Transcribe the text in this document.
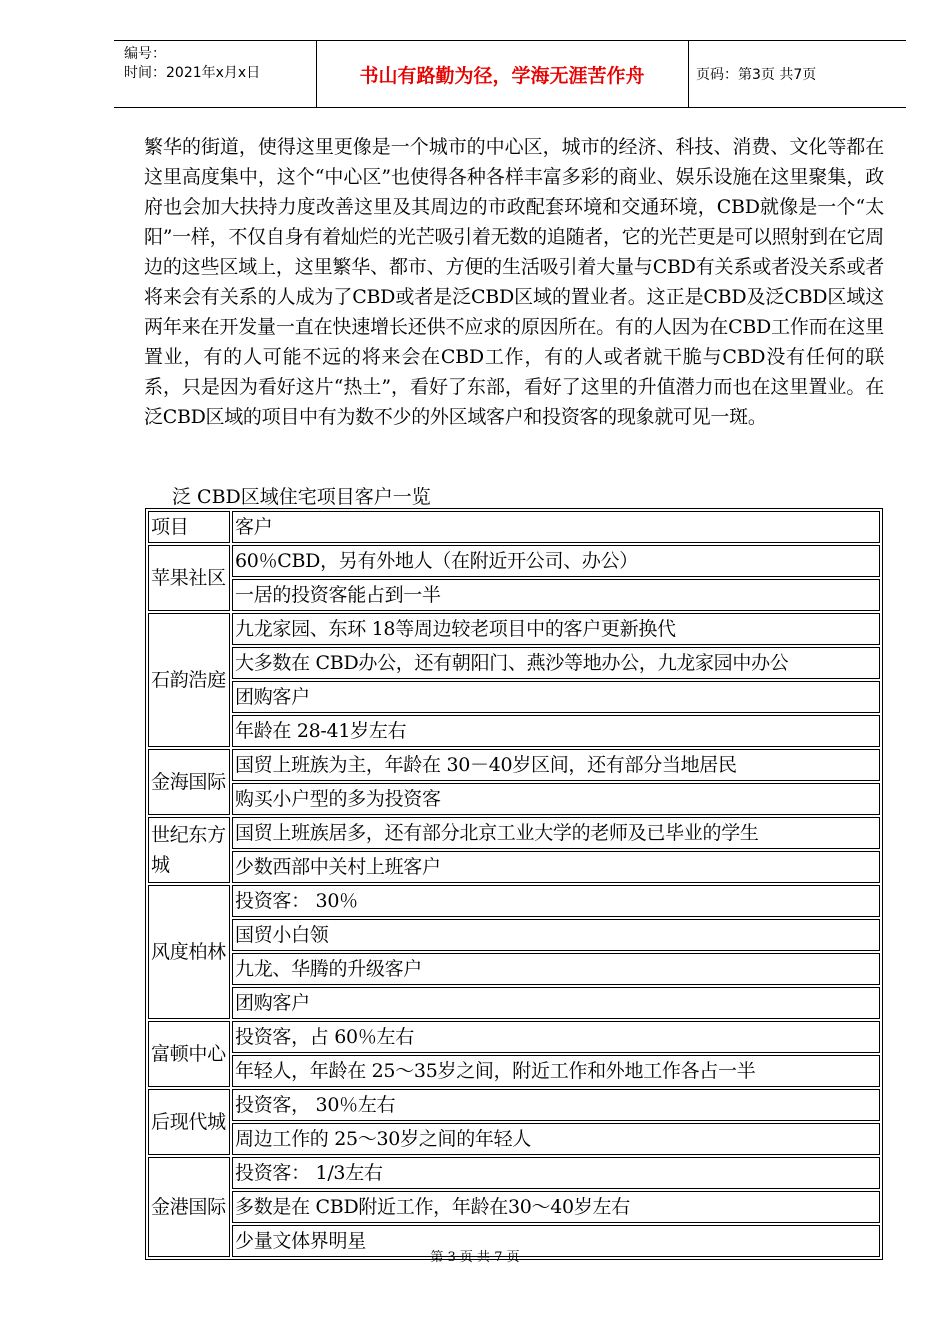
编号：
时间：2021年x月x日	书山有路勤为径，学海无涯苦作舟	页码：第3页 共7页

繁华的街道，使得这里更像是一个城市的中心区，城市的经济、科技、消费、文化等都在这里高度集中，这个“中心区”也使得各种各样丰富多彩的商业、娱乐设施在这里聚集，政府也会加大扶持力度改善这里及其周边的市政配套环境和交通环境，CBD就像是一个“太阳”一样，不仅自身有着灿烂的光芒吸引着无数的追随者，它的光芒更是可以照射到在它周边的这些区域上，这里繁华、都市、方便的生活吸引着大量与CBD有关系或者没关系或者将来会有关系的人成为了CBD或者是泛CBD区域的置业者。这正是CBD及泛CBD区域这两年来在开发量一直在快速增长还供不应求的原因所在。有的人因为在CBD工作而在这里置业，有的人可能不远的将来会在CBD工作，有的人或者就干脆与CBD没有任何的联系，只是因为看好这片“热土”，看好了东部，看好了这里的升值潜力而也在这里置业。在泛CBD区域的项目中有为数不少的外区域客户和投资客的现象就可见一斑。

泛 CBD区域住宅项目客户一览
项目	客户
苹果社区	60％CBD，另有外地人（在附近开公司、办公）
	一居的投资客能占到一半
石韵浩庭	九龙家园、东环 18等周边较老项目中的客户更新换代
	大多数在 CBD办公，还有朝阳门、燕沙等地办公，九龙家园中办公
	团购客户
	年龄在 28-41岁左右
金海国际	国贸上班族为主，年龄在 30－40岁区间，还有部分当地居民
	购买小户型的多为投资客
世纪东方城	国贸上班族居多，还有部分北京工业大学的老师及已毕业的学生
	少数西部中关村上班客户
风度柏林	投资客： 30％
	国贸小白领
	九龙、华腾的升级客户
	团购客户
富顿中心	投资客，占 60％左右
	年轻人，年龄在 25～35岁之间，附近工作和外地工作各占一半
后现代城	投资客， 30％左右
	周边工作的 25～30岁之间的年轻人
金港国际	投资客： 1/3左右
	多数是在 CBD附近工作，年龄在30～40岁左右
	少量文体界明星
第 3 页 共 7 页
